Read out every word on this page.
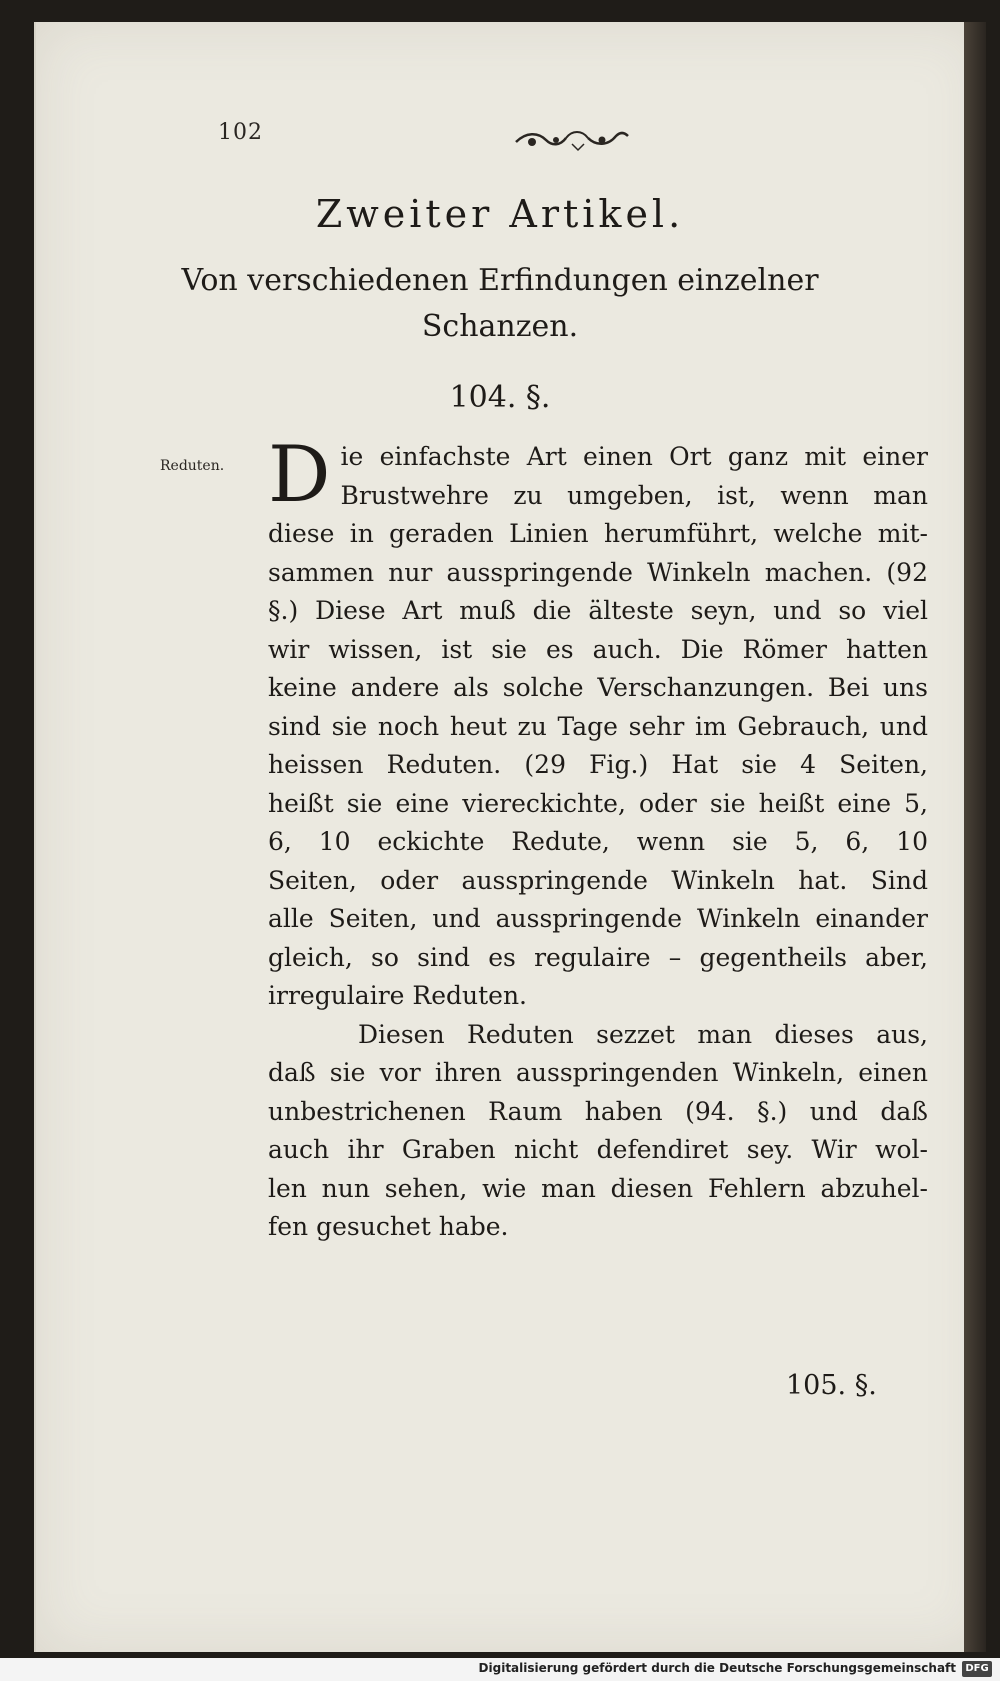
102
Zweiter Artikel.
Von verschiedenen Erfindungen einzelner
Schanzen.
104. §.
Reduten. D ie einfachste Art einen Ort ganz mit einer
Brustwehre zu umgeben, ist, wenn man
diese in geraden Linien herumführt, welche mit-
sammen nur ausspringende Winkeln machen. (92
§.) Diese Art muß die älteste seyn, und so viel
wir wissen, ist sie es auch. Die Römer hatten
keine andere als solche Verschanzungen. Bei uns
sind sie noch heut zu Tage sehr im Gebrauch, und
heissen Reduten. (29 Fig.) Hat sie 4 Seiten,
heißt sie eine viereckichte, oder sie heißt eine 5,
6, 10 eckichte Redute, wenn sie 5, 6, 10
Seiten, oder ausspringende Winkeln hat. Sind
alle Seiten, und ausspringende Winkeln einander
gleich, so sind es regulaire – gegentheils aber,
irregulaire Reduten.
Diesen Reduten sezzet man dieses aus,
daß sie vor ihren ausspringenden Winkeln, einen
unbestrichenen Raum haben (94. §.) und daß
auch ihr Graben nicht defendiret sey. Wir wol-
len nun sehen, wie man diesen Fehlern abzuhel-
fen gesuchet habe.
105. §.
Digitalisierung gefördert durch die Deutsche Forschungsgemeinschaft DFG
